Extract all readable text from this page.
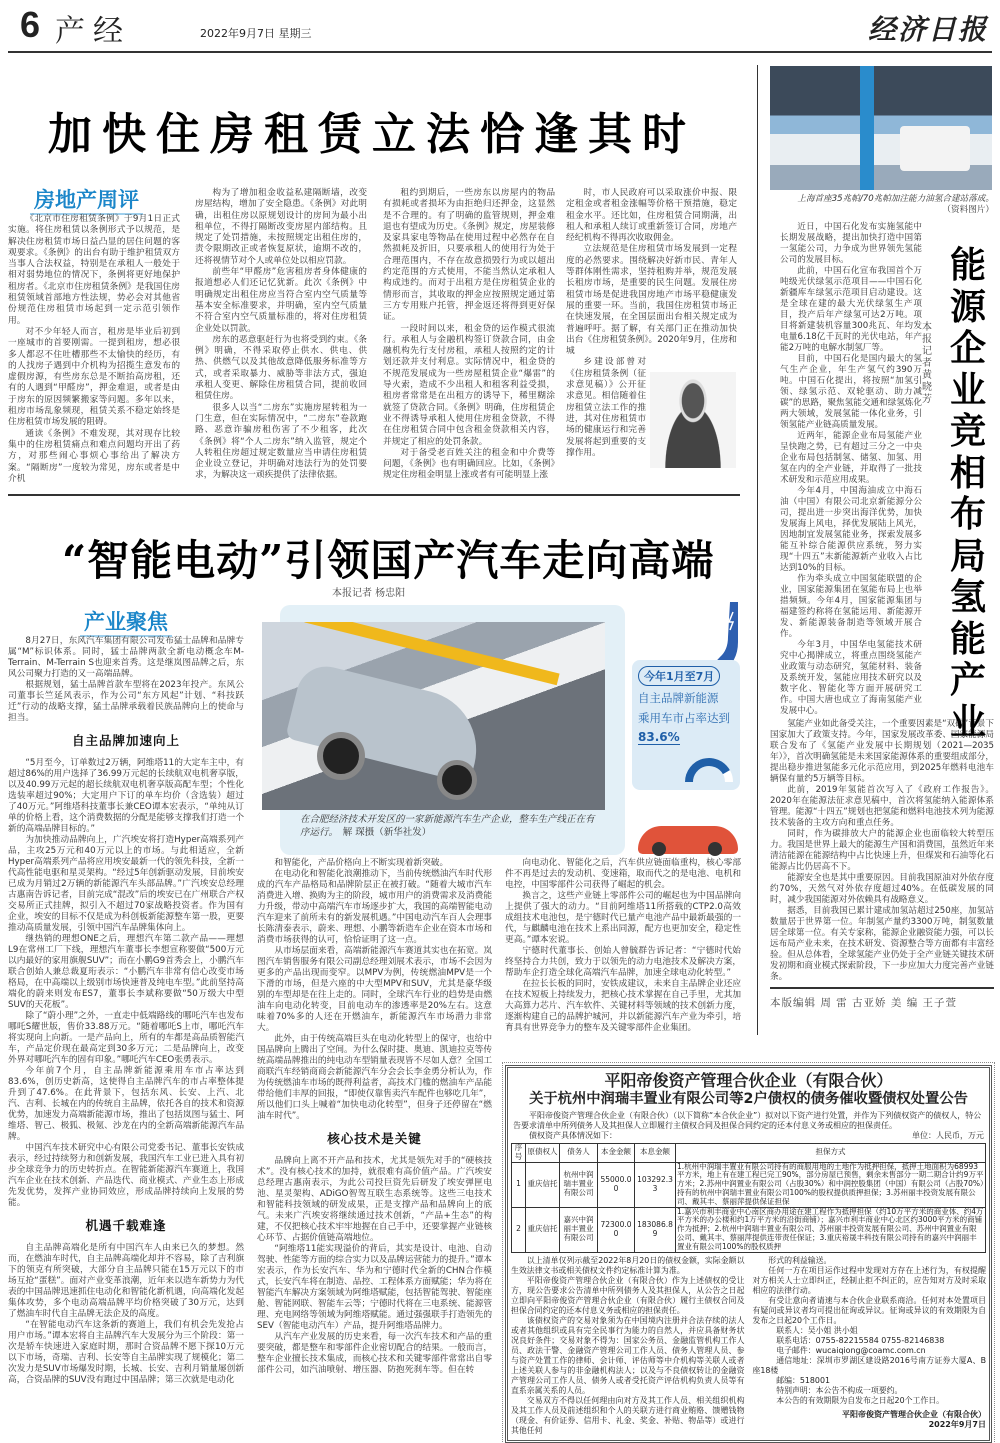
6 产经	2022年9月7日 星期三	经济日报
加快住房租赁立法恰逢其时
房地产周评

《北京市住房租赁条例》于9月1日正式实施。将住房租赁以条例形式予以规范，是解决住房租赁市场日益凸显的居住问题的客观要求。《条例》的出台有助于维护租赁双方当事人合法权益，特别是在承租人一般处于相对弱势地位的情况下，条例将更好地保护租房者。《北京市住房租赁条例》是我国住房租赁领域首部地方性法规，势必会对其他省份规范住房租赁市场起到一定示范引领作用。

对不少年轻人而言，租房是毕业后初到一座城市的首要刚需。一提到租房，想必很多人都忍不住吐槽那些不太愉快的经历，有的人找房子遇到中介机构为招揽生意发布的虚假房源，有些房东总是不断抬高房租，还有的人遇到“甲醛房”，押金难退，或者是由于房东的原因频繁搬家等问题。多年以来，租房市场乱象频现，租赁关系不稳定始终是住房租赁市场发展的阻碍。

通读《条例》不难发现，其对现存比较集中的住房租赁痛点和难点问题均开出了药方，对那些闹心事烦心事给出了解决方案。“隔断房”一度较为常见，房东或者是中介机

构为了增加租金收益私建隔断墙，改变房屋结构，增加了安全隐患。《条例》对此明确，出租住房以原规划设计的房间为最小出租单位，不得打隔断改变房屋内部结构。且规定了处罚措施，未按照规定出租住房的，责令限期改正或者恢复原状，逾期不改的，还将视情节对个人或单位处以相应罚款。

前些年“甲醛房”危害租房者身体健康的报道想必人们还记忆犹新。此次《条例》中明确规定出租住房应当符合室内空气质量等基本安全标准要求，并明确，室内空气质量不符合室内空气质量标准的，将对住房租赁企业处以罚款。

房东的恶意驱赶行为也将受到约束。《条例》明确，不得采取停止供水、供电、供热、供燃气以及其他故意降低服务标准等方式，或者采取暴力、威胁等非法方式，强迫承租人变更、解除住房租赁合同，提前收回租赁住房。

很多人以当“二房东”实施房屋转租为一门生意，但在实际情况中，“二房东”卷款跑路、恶意诈骗房租伤害了不少租客，此次《条例》将“个人二房东”纳入监管，规定个人转租住房超过规定数量应当申请住房租赁企业设立登记，并明确对违法行为的处罚要求，为解决这一顽疾提供了法律依据。

租约到期后，一些房东以房屋内的物品有损耗或者损坏为由拒绝归还押金，这显然是不合理的。有了明确的监管规则，押金难退也有望成为历史。《条例》规定，房屋装修及家具家电等物品在使用过程中必然存在自然损耗及折旧，只要承租人的使用行为处于合理范围内，不存在故意损毁行为或以超出约定范围的方式使用，不能当然认定承租人构成违约。而对于出租方是住房租赁企业的情形而言，其收取的押金应按照规定通过第三方专用账户托管，押金返还将得到更好保证。

一段时间以来，租金贷的运作模式很流行。承租人与金融机构签订贷款合同，由金融机构先行支付房租，承租人按照约定的计划还款并支付利息。实际情况中，租金贷的不规范发展成为一些房屋租赁企业“爆雷”的导火索，造成不少出租人和租客利益受损，租房者常常是在出租方的诱导下，稀里糊涂就签了贷款合同。《条例》明确，住房租赁企业不得诱导承租人使用住房租金贷款，不得在住房租赁合同中包含租金贷款相关内容，并规定了相应的处罚条款。

对于备受老百姓关注的租金和中介费等问题，《条例》也有明确回应。比如，《条例》规定住房租金明显上涨或者有可能明显上涨

时，市人民政府可以采取涨价申报、限定租金或者租金涨幅等价格干预措施，稳定租金水平。还比如，住房租赁合同期满，出租人和承租人续订或重新签订合同，房地产经纪机构不得再次收取佣金。

立法规范是住房租赁市场发展到一定程度的必然要求。围绕解决好新市民、青年人等群体刚性需求，坚持租购并举，规范发展长租房市场，是重要的民生问题。发展住房租赁市场是促进我国房地产市场平稳健康发展的重要一环。当前，我国住房租赁市场正在快速发展，在全国层面出台相关规定成为普遍呼吁。据了解，有关部门正在推动加快出台《住房租赁条例》。2020年9月，住房和城

乡建设部曾对《住房租赁条例（征求意见稿）》公开征求意见。相信随着住房租赁立法工作的推进，其对住房租赁市场的健康运行和完善发展将起到重要的支撑作用。

上海首座35兆帕/70兆帕加注能力油氢合建站落成。
（资料图片）

近日，中国石化发布实施氢能中长期发展战略，提出加快打造中国第一氢能公司，力争成为世界领先氢能公司的发展目标。

此前，中国石化宣布我国首个万吨级光伏绿氢示范项目——中国石化新疆库车绿氢示范项目启动建设。这是全球在建的最大光伏绿氢生产项目，投产后年产绿氢可达2万吨。项目将新建装机容量300兆瓦、年均发电量6.18亿千瓦时的光伏电站，年产能2万吨的电解水制氢厂等。

目前，中国石化是国内最大的氢气生产企业，年生产氢气约390万吨。中国石化提出，将按照“加氢引领、绿氢示范、双轮驱动、助力减碳”的思路，聚焦氢能交通和绿氢炼化两大领域，发展氢能一体化业务，引领氢能产业链高质量发展。

近两年，能源企业布局氢能产业呈快跑之势，已有超过三分之一中央企业布局包括制氢、储氢、加氢、用氢在内的全产业链，并取得了一批技术研发和示范应用成果。

今年4月，中国海油成立中海石油（中国）有限公司北京新能源分公司，提出进一步突出海洋优势，加快发展海上风电，择优发展陆上风光，因地制宜发展氢能业务，探索发展多能互补综合能源供应系统，努力实现“十四五”末新能源新产业收入占比达到10%的目标。

作为牵头成立中国氢能联盟的企业，国家能源集团在氢能布局上也举措频频。今年4月，国家能源集团与福建签约称将在氢能运用、新能源开发、新能源装备制造等领域开展合作。

今年3月，中国华电氢能技术研究中心揭牌成立，将重点围绕氢能产业政策与动态研究，氢能材料、装备及系统开发，氢能应用技术研究以及数字化、智能化等方面开展研究工作。中国大唐也成立了海南氢能产业发展中心。

氢能产业如此备受关注，一个重要因素是“双碳”背景下国家加大了政策支持。今年，国家发展改革委、国家能源局联合发布了《氢能产业发展中长期规划（2021—2035年）》，首次明确氢能是未来国家能源体系的重要组成部分，提出稳步推进氢能多元化示范应用，到2025年燃料电池车辆保有量约5万辆等目标。

此前，2019年氢能首次写入了《政府工作报告》。2020年在能源法征求意见稿中，首次将氢能纳入能源体系管理。能源“十四五”规划也把氢能和燃料电池技术列为能源技术装备的主攻方向和重点任务。

同时，作为碳排放大户的能源企业也面临较大转型压力。我国是世界上最大的能源生产国和消费国，虽然近年来清洁能源在能源结构中占比快速上升，但煤炭和石油等化石能源占比仍居高不下。

能源安全也是其中重要原因。目前我国原油对外依存度约70%，天然气对外依存度超过40%。在低碳发展的同时，减少我国能源对外依赖具有战略意义。

据悉，目前我国已累计建成加氢站超过250座，加氢站数量居于世界第一位。年制氢产量约3300万吨，制氢数量居全球第一位。有关专家称，能源企业融资能力强，可以长远布局产业未来，在技术研发、资源整合等方面都有丰富经验。但从总体看，全球氢能产业仍处于全产业链关键技术研发初期和商业模式探索阶段，下一步应加大力度完善产业链条。

本版编辑 周 雷 古亚娇 美 编 王子萱
能源企业竞相布局氢能产业
本报记者 黄晓芳
“智能电动”引领国产汽车走向高端
本报记者 杨忠阳
产业聚焦
在合肥经济技术开发区的一家新能源汽车生产企业，整车生产线正在有序运行。　 解 琛摄（新华社发）
今年1月至7月
自主品牌新能源
乘用车市占率达到
83.6%

8月27日，东风汽车集团有限公司发布猛士品牌和品牌专属“M”标识体系。同时，猛士品牌两款全新电动概念车M-Terrain、M-Terrain S也迎来首秀。这是继岚图品牌之后，东风公司聚力打造的又一高端品牌。

根据规划，猛士品牌首款车型将在2023年投产。东风公司董事长竺延风表示，作为公司“东方风起”计划、“科技跃迁”行动的战略支撑，猛士品牌承载着民族品牌向上的使命与担当。

自主品牌加速向上

“5月至今，订单数过2万辆，阿维塔11的大定车主中，有超过86%的用户选择了36.99万元起的长续航双电机奢享版，以及40.99万元起的超长续航双电机奢享版高配车型；个性化选装率超过90%；大定用户下订的单车均价（含选装）超过了40万元。”阿维塔科技董事长兼CEO谭本宏表示，“单纯从订单的价格上看，这个消费数据的分配是能够支撑我们打造一个新的高端品牌目标的。”

为加快推动品牌向上，广汽埃安将打造Hyper高端系列产品，主攻25万元和40万元以上的市场。与此相适应，全新Hyper高端系列产品将应用埃安最新一代的领先科技，全新一代高性能电驱和星灵架构。“经过5年创新驱动发展，目前埃安已成为月销过2万辆的新能源汽车头部品牌。”广汽埃安总经理古惠南告诉记者，目前完成“混改”后的埃安已在广州联合产权交易所正式挂牌，拟引入不超过70家战略投资者。作为国有企业，埃安的目标不仅是成为科创板新能源整车第一股，更要推动高质量发展，引领中国汽车品牌集体向上。

继热销的理想ONE之后，理想汽车第二款产品——理想L9在常州工厂下线，理想汽车董事长李想宣称要做“500万元以内最好的家用旗舰SUV”；而在小鹏G9首秀会上，小鹏汽车联合创始人兼总裁夏珩表示：“小鹏汽车非常有信心改变市场格局，在中高端以上级别市场快速普及纯电车型。”此前坚持高端化的蔚来则发布ES7，董事长李斌称要做“50万级大中型SUV的天花板”。

除了“蔚小理”之外，一直走中低端路线的哪吒汽车也发布哪吒S耀世版，售价33.88万元。“随着哪吒S上市，哪吒汽车将实现向上向新。一是产品向上，所有的车都是高品质智能汽车，产品定价现在最高定到30多万元；二是品牌向上，改变外界对哪吒汽车的固有印象。”哪吒汽车CEO张勇表示。

今年前7个月，自主品牌新能源乘用车市占率达到83.6%，创历史新高，这使得自主品牌汽车的市占率整体提升到了47.6%。在此背景下，包括东风、长安、上汽、北汽、吉利、长城在内的传统自主品牌，依托各自的技术和资源优势，加速发力高端新能源市场，推出了包括岚图与猛士、阿维塔、智己、极狐、极氪、沙龙在内的全新高端新能源汽车品牌。

中国汽车技术研究中心有限公司党委书记、董事长安铁成表示，经过持续努力和创新发展，我国汽车工业已进入具有初步全球竞争力的历史转折点。在智能新能源汽车赛道上，我国汽车企业在技术创新、产品迭代、商业模式、产业生态上形成先发优势，发挥产业协同效应，形成品牌持续向上发展的势能。

机遇千载难逢

自主品牌高端化是所有中国汽车人由来已久的梦想。然而，在燃油车时代，自主品牌高端化却并不容易，除了吉利旗下的领克有所突破，大部分自主品牌只能在15万元以下的市场互抢“蛋糕”。面对产业变革浪潮，近年来以造车新势力为代表的中国品牌迅速抓住电动化和智能化新机遇，向高端化发起集体攻势，多个电动高端品牌平均价格突破了30万元，达到了燃油车时代自主品牌无法企及的高度。

“在智能电动汽车这条新的赛道上，我们有机会先发抢占用户市场。”谭本宏将自主品牌汽车大发展分为三个阶段：第一次是轿车快速进入家庭时期，那时合资品牌不愿下探10万元以下市场，奇瑞、吉利、长安等自主品牌实现了规模化；第二次发力是SUV市场爆发时期，长城、长安、吉利月销量屡创新高，合资品牌的SUV没有跑过中国品牌；第三次就是电动化

和智能化，产品价格向上不断实现着新突破。

在电动化和智能化浪潮推动下，当前传统燃油汽车时代形成的汽车产品格局和品牌阶层正在被打破。“随着大城市汽车消费进入增、换购为主的阶段，城市用户的消费需求及消费能力升级，带动中高端汽车市场逐步扩大，我国的高端智能电动汽车迎来了前所未有的新发展机遇。”中国电动汽车百人会理事长陈清泰表示，蔚来、理想、小鹏等新造车企业在资本市场和消费市场获得的认可，恰恰证明了这一点。

从市场层面来看，高端新能源汽车赛道其实也在拓宽。岚图汽车销售服务有限公司副总经理刘展术表示，市场不会因为更多的产品出现而变窄。以MPV为例，传统燃油MPV是一个下滑的市场，但是六座的中大型MPV和SUV，尤其是豪华级别的车型却是在往上走的。同时，全球汽车行业的趋势是由燃油车向电动化转变，目前电动车的渗透率是20%左右。这意味着70%多的人还在开燃油车，新能源汽车市场潜力非常大。

此外，由于传统高端巨头在电动化转型上的保守，也给中国品牌向上腾出了空间。为什么保时捷、奥迪、凯迪拉克等传统高端品牌推出的纯电动车型销量表现皆不尽如人意？全国工商联汽车经销商商会新能源汽车分会会长李金勇分析认为，作为传统燃油车市场的既得利益者，高技术门槛的燃油车产品能带给他们丰厚的回报，“即使仅靠售卖汽车配件也够吃几年”，所以他们口头上喊着“加快电动化转型”，但身子还停留在“燃油车时代”。

核心技术是关键

品牌向上离不开产品和技术，尤其是领先对手的“硬核技术”。没有核心技术的加持，就很难有高价值产品。广汽埃安总经理古惠南表示，为此公司投巨资先后研发了埃安弹匣电池、星灵架构、ADiGO智驾互联生态系统等。这些三电技术和智能科技领域的研发成果，正是支撑产品和品牌向上的底气。未来广汽埃安将继续通过技术创新，“产品+生态”的构建，不仅把核心技术牢牢地握在自己手中，还要掌握产业链核心环节、占据价值链高端地位。

“阿维塔11能实现溢价的背后，其实是设计、电池、自动驾驶、性能等方面的综合实力以及品牌运营能力的提升。”谭本宏表示，作为长安汽车、华为和宁德时代全新的CHN合作模式，长安汽车将在制造、品控、工程体系方面赋能；华为将在智能汽车解决方案领域为阿维塔赋能，包括智能驾驶、智能座舱、智能网联、智能车云等；宁德时代将在三电系统、能源管理、充电网络等领域为阿维塔赋能。通过强强联手打造领先的SEV（智能电动汽车）产品，提升阿维塔品牌力。

从汽车产业发展的历史来看，每一次汽车技术和产品的重要突破，都是整车和零部件企业密切配合的结果。一般而言，整车企业擅长技术集成，而核心技术和关键零部件常常出自零部件公司，如汽油喷射、增压器、防抱死刹车等。但在转

向电动化、智能化之后，汽车供应链面临重构，核心零部件不再是过去的发动机、变速箱，取而代之的是电池、电机和电控，中国零部件公司获得了崛起的机会。

换言之，这些产业链上零部件公司的崛起也为中国品牌向上提供了强大的动力。“目前阿维塔11所搭载的CTP2.0高效成组技术电池包，是宁德时代已量产电池产品中最新最强的一代，与麒麟电池在技术上系出同源，配方也更加安全，稳定性更高。”谭本宏说。

宁德时代董事长、创始人曾毓群告诉记者：“宁德时代始终坚持合力共创，致力于以领先的动力电池技术及解决方案，帮助车企打造全球化高端汽车品牌，加速全球电动化转型。”

在拉长长板的同时，安铁成建议，未来自主品牌企业还应在技术短板上持续发力，把核心技术掌握在自己手里，尤其加大高算力芯片、汽车软件、关键材料等领域的技术创新力度，逐渐构建自己的品牌护城河，并以新能源汽车产业为牵引，培育具有世界竞争力的整车及关键零部件企业集团。

平阳帝俊资产管理合伙企业（有限合伙）
关于杭州中润瑞丰置业有限公司等2户债权的债务催收暨债权处置公告
平阳帝俊资产管理合伙企业（有限合伙）（以下简称“本合伙企业”）拟对以下资产进行处置，并作为下列债权资产的债权人，特公告要求清单中所列债务人及其担保人立即履行主债权合同及担保合同约定的还本付息义务或相应的担保责任。
债权资产具体情况如下：	单位：人民币，万元
序号	原债权人	债务人	本金金额	本息金额	担保方式
1	重庆信托	杭州中润瑞丰置业有限公司	55000.00	103292.33	1.杭州中润瑞丰置业有限公司持有的商服用地的土地作为抵押担保，抵押土地面积为68993平方米，地上有在建工程已完工90%，部分房屋已预售，剩余未售部分一期二期合计约9万平方米；2.苏州中润置业有限公司（占股30%）和中润控股集团（中国）有限公司（占股70%）持有的杭州中润瑞丰置业有限公司100%的股权提供质押担保；3.苏州丽丰投资发展有限公司、戴其丰、蔡丽萍提供保证担保
2	重庆信托	嘉兴中润丽丰置业有限公司	72300.00	183086.89	1.嘉兴市利丰商业中心南区商办用途在建工程作为抵押担保（约10万平方米的商业体、约4万平方米的办公楼和约1万平方米的沿街商铺）；嘉兴市利丰商业中心北区约3000平方米的商铺作为抵押；2.杭州中润瑞丰置业有限公司、苏州丽丰投资发展有限公司、苏州中润置业有限公司、戴其丰、蔡丽萍提供连带责任保证；3.重庆裕晟丰科技有限公司持有的嘉兴中润丽丰置业有限公司100%的股权质押

以上清单仅列示截至2022年8月20日的债权金额，实际金额以生效法律文书或相关债权文件约定标准计算为准。

平阳帝俊资产管理合伙企业（有限合伙）作为上述债权的受让方，现公告要求公告清单中所列债务人及其担保人，从公告之日起立即向平阳帝俊资产管理合伙企业（有限合伙）履行主债权合同及担保合同约定的还本付息义务或相应的担保责任。

该债权资产的交易对象须为在中国境内注册并合法存续的法人或者其他组织或具有完全民事行为能力的自然人，并应具备财务状况良好条件；交易对象不得为：国家公务员、金融监管机构工作人员、政法干警、金融资产管理公司工作人员、债务人管理人员、参与资产处置工作的律师、会计师、评估师等中介机构等关联人或者上述关联人参与的非金融机构法人；以及与不良债权转让的金融资产管理公司工作人员、债务人或者受托资产评估机构负责人员等有直系亲属关系的人员。

交易双方不得以任何理由向对方及其工作人员、相关组织机构及其工作人员及前述组织和个人的关联方进行商业贿赂、馈赠钱物（现金、有价证券、信用卡、礼金、奖金、补贴、物品等）或进行其他任何

形式的利益输送。

任何一方在项目运作过程中发现对方存在上述行为，有权提醒对方相关人士立即纠正，经制止拒不纠正的，应告知对方及时采取相应的法律行动。

有受让意向者请速与本合伙企业联系商洽。任何对本处置项目有疑问或异议者均可提出征询或异议。征询或异议的有效期限为自发布之日起20个工作日。

联系人：吴小姐 洪小姐

联系电话：0755-82215584 0755-82146838

电子邮件：wucaiqiong@coamc.com.cn

通信地址：深圳市罗湖区建设路2016号南方证券大厦A、B座18楼

邮编：518001

特别声明：本公告不构成一项要约。

本公告的有效期限为自发布之日起20个工作日。

平阳帝俊资产管理合伙企业（有限合伙）
2022年9月7日
